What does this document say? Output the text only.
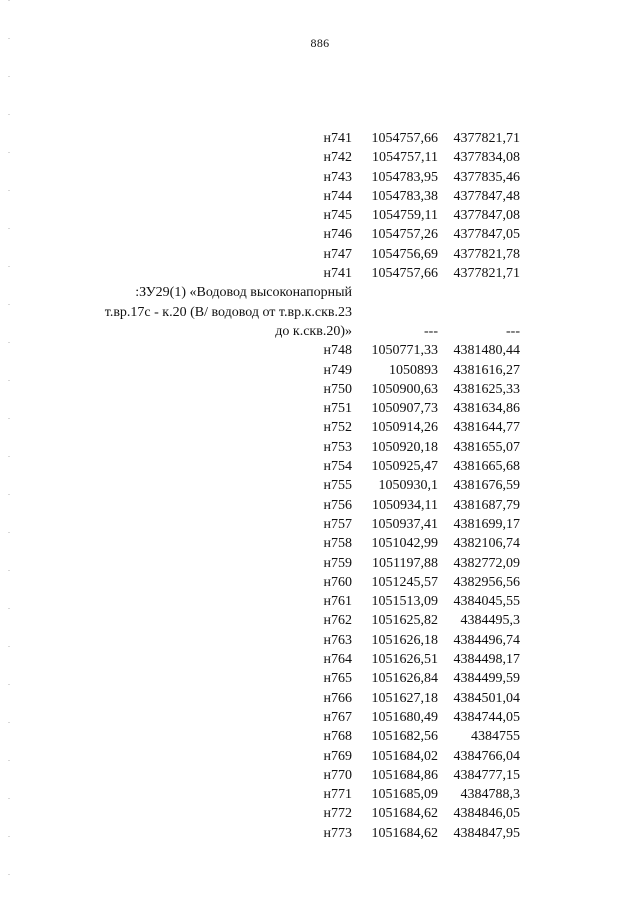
886
н741	1054757,66	4377821,71
н742	1054757,11	4377834,08
н743	1054783,95	4377835,46
н744	1054783,38	4377847,48
н745	1054759,11	4377847,08
н746	1054757,26	4377847,05
н747	1054756,69	4377821,78
н741	1054757,66	4377821,71
:ЗУ29(1) «Водовод высоконапорный
т.вр.17с - к.20 (В/ водовод от т.вр.к.скв.23
до к.скв.20)»	---	---
н748	1050771,33	4381480,44
н749	1050893	4381616,27
н750	1050900,63	4381625,33
н751	1050907,73	4381634,86
н752	1050914,26	4381644,77
н753	1050920,18	4381655,07
н754	1050925,47	4381665,68
н755	1050930,1	4381676,59
н756	1050934,11	4381687,79
н757	1050937,41	4381699,17
н758	1051042,99	4382106,74
н759	1051197,88	4382772,09
н760	1051245,57	4382956,56
н761	1051513,09	4384045,55
н762	1051625,82	4384495,3
н763	1051626,18	4384496,74
н764	1051626,51	4384498,17
н765	1051626,84	4384499,59
н766	1051627,18	4384501,04
н767	1051680,49	4384744,05
н768	1051682,56	4384755
н769	1051684,02	4384766,04
н770	1051684,86	4384777,15
н771	1051685,09	4384788,3
н772	1051684,62	4384846,05
н773	1051684,62	4384847,95
